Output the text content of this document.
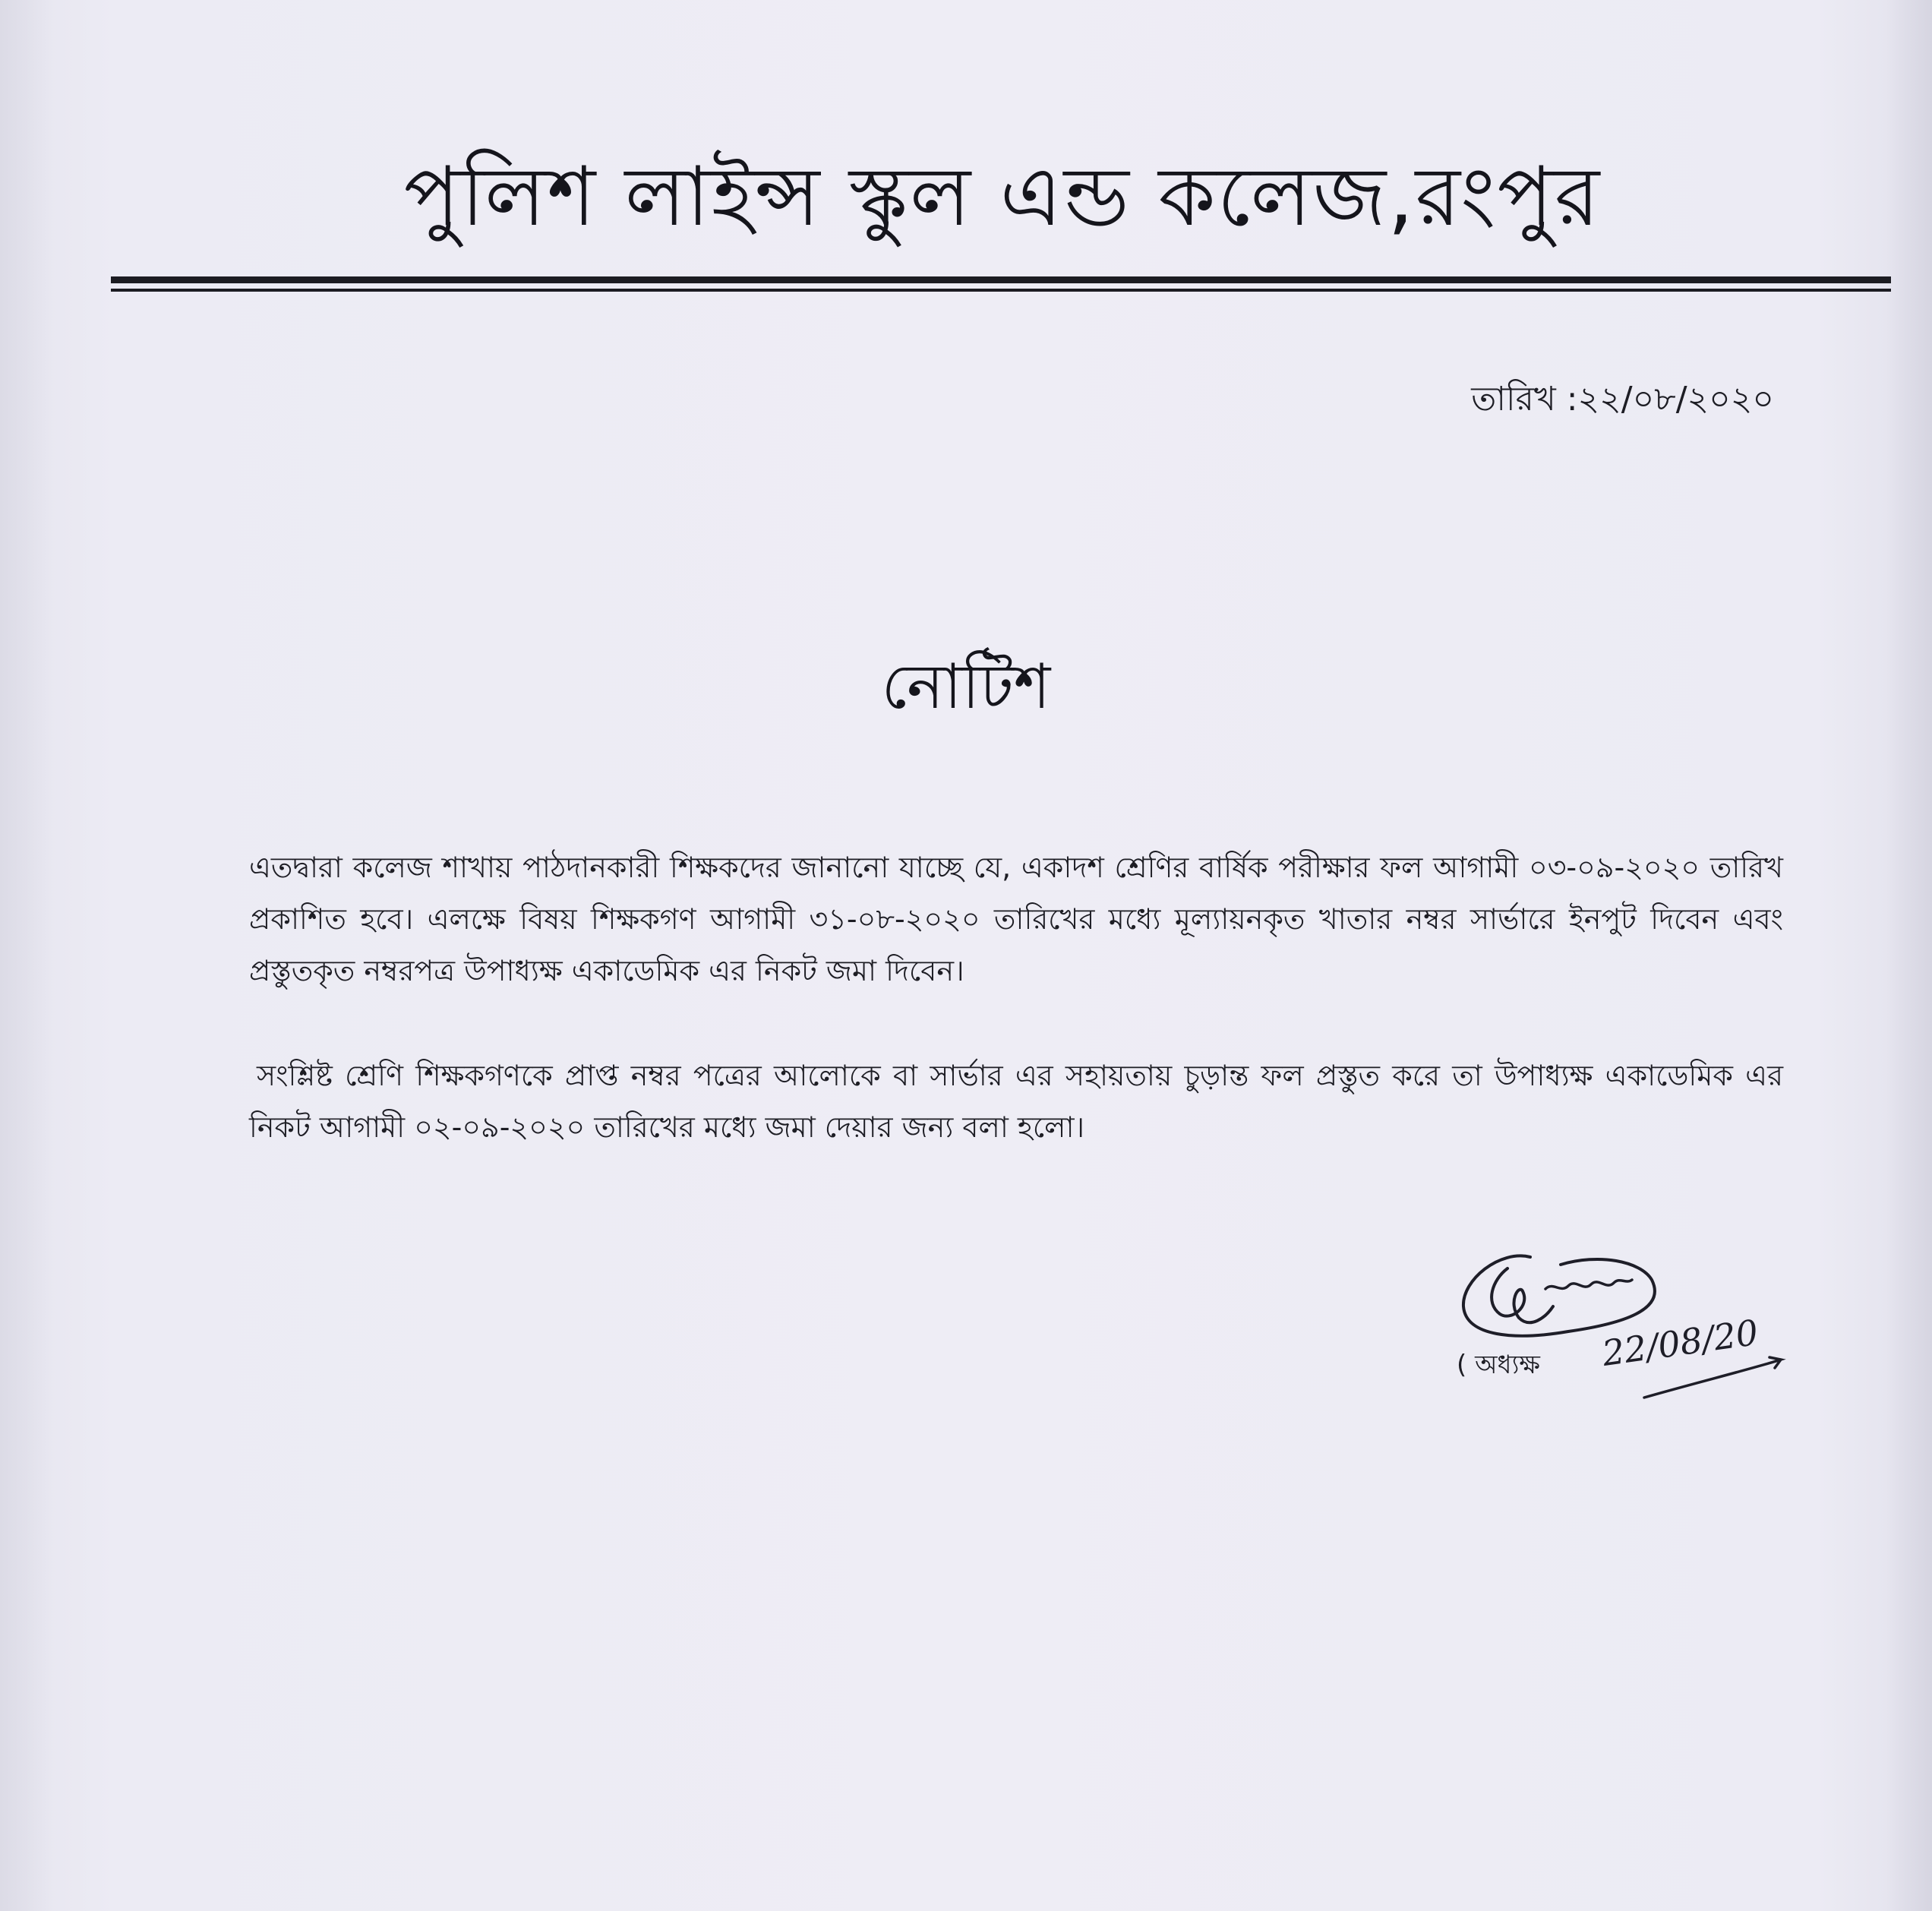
পুলিশ লাইন্স স্কুল এন্ড কলেজ,রংপুর
তারিখ :২২/০৮/২০২০
নোটিশ

এতদ্বারা কলেজ শাখায় পাঠদানকারী শিক্ষকদের জানানো যাচ্ছে যে, একাদশ শ্রেণির বার্ষিক পরীক্ষার ফল আগামী ০৩-০৯-২০২০ তারিখ প্রকাশিত হবে। এলক্ষে বিষয় শিক্ষকগণ আগামী ৩১-০৮-২০২০ তারিখের মধ্যে মূল্যায়নকৃত খাতার নম্বর সার্ভারে ইনপুট দিবেন এবং প্রস্তুতকৃত নম্বরপত্র উপাধ্যক্ষ একাডেমিক এর নিকট জমা দিবেন।

সংশ্লিষ্ট শ্রেণি শিক্ষকগণকে প্রাপ্ত নম্বর পত্রের আলোকে বা সার্ভার এর সহায়তায় চুড়ান্ত ফল প্রস্তুত করে তা উপাধ্যক্ষ একাডেমিক এর নিকট আগামী ০২-০৯-২০২০ তারিখের মধ্যে জমা দেয়ার জন্য বলা হলো।

22/08/20
( অধ্যক্ষ
